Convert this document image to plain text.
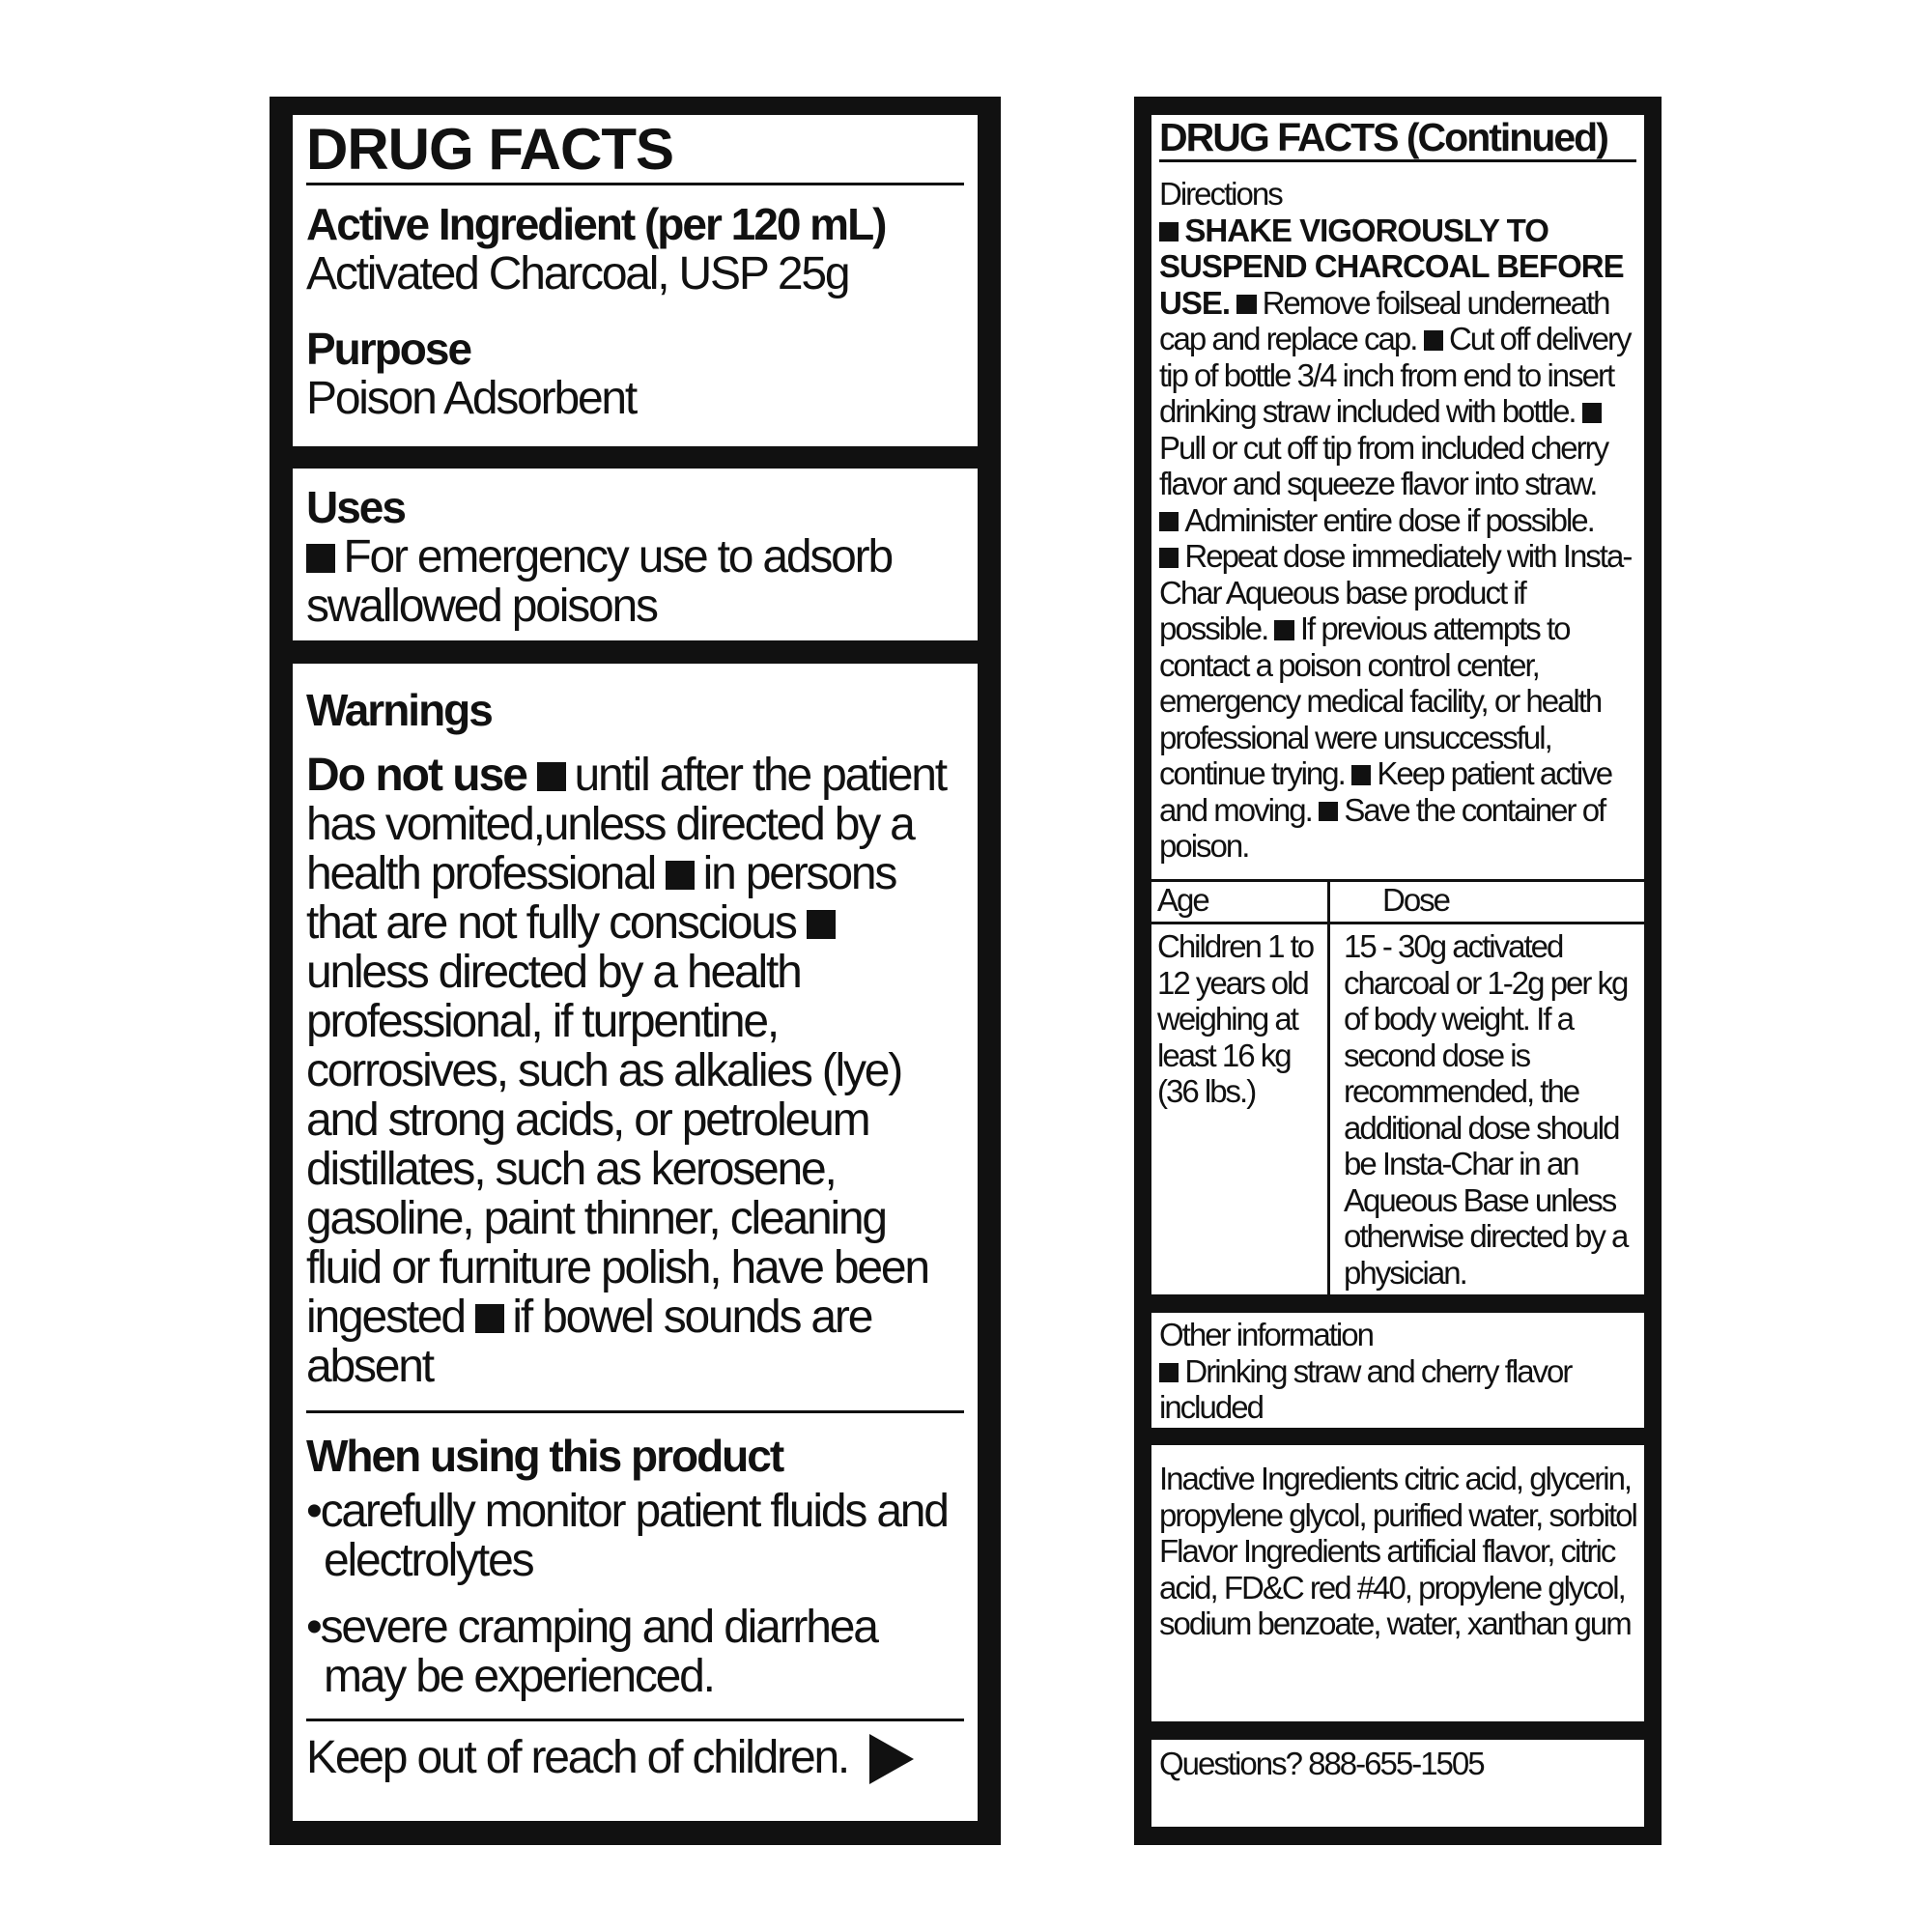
DRUG FACTS
Active Ingredient (per 120 mL)
Activated Charcoal, USP 25g
Purpose
Poison Adsorbent
Uses

For emergency use to adsorb swallowed poisons

Warnings

Do not use until after the patient has vomited,unless directed by a health professional in persons that are not fully conscious unless directed by a health professional, if turpentine, corrosives, such as alkalies (lye) and strong acids, or petroleum distillates, such as kerosene, gasoline, paint thinner, cleaning fluid or furniture polish, have been ingested if bowel sounds are absent

When using this product

•carefully monitor patient fluids and electrolytes

•severe cramping and diarrhea may be experienced.

Keep out of reach of children.
DRUG FACTS (Continued)
Directions

SHAKE VIGOROUSLY TO SUSPEND CHARCOAL BEFORE USE. Remove foilseal underneath cap and replace cap. Cut off delivery tip of bottle 3/4 inch from end to insert drinking straw included with bottle. Pull or cut off tip from included cherry flavor and squeeze flavor into straw.
Administer entire dose if possible.
Repeat dose immediately with Insta-Char Aqueous base product if possible. If previous attempts to contact a poison control center, emergency medical facility, or health professional were unsuccessful, continue trying. Keep patient active and moving. Save the container of poison.

Age	Dose
Children 1 to 12 years old weighing at least 16 kg (36 lbs.)	15 - 30g activated charcoal or 1-2g per kg of body weight. If a second dose is recommended, the additional dose should be Insta-Char in an Aqueous Base unless otherwise directed by a physician.
Other information

Drinking straw and cherry flavor included

Inactive Ingredients citric acid, glycerin, propylene glycol, purified water, sorbitol

Flavor Ingredients artificial flavor, citric acid, FD&C red #40, propylene glycol, sodium benzoate, water, xanthan gum

Questions? 888-655-1505
